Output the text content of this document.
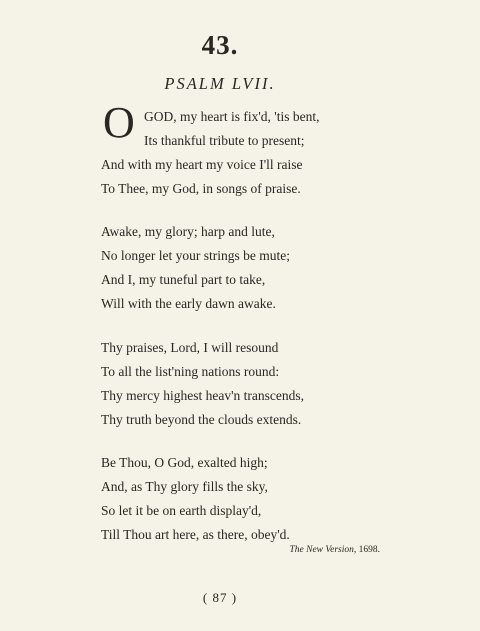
43.
PSALM LVII.
O GOD, my heart is fix'd, 'tis bent,
Its thankful tribute to present;
And with my heart my voice I'll raise
To Thee, my God, in songs of praise.
Awake, my glory; harp and lute,
No longer let your strings be mute;
And I, my tuneful part to take,
Will with the early dawn awake.
Thy praises, Lord, I will resound
To all the list'ning nations round:
Thy mercy highest heav'n transcends,
Thy truth beyond the clouds extends.
Be Thou, O God, exalted high;
And, as Thy glory fills the sky,
So let it be on earth display'd,
Till Thou art here, as there, obey'd.
The New Version, 1698.
( 87 )
